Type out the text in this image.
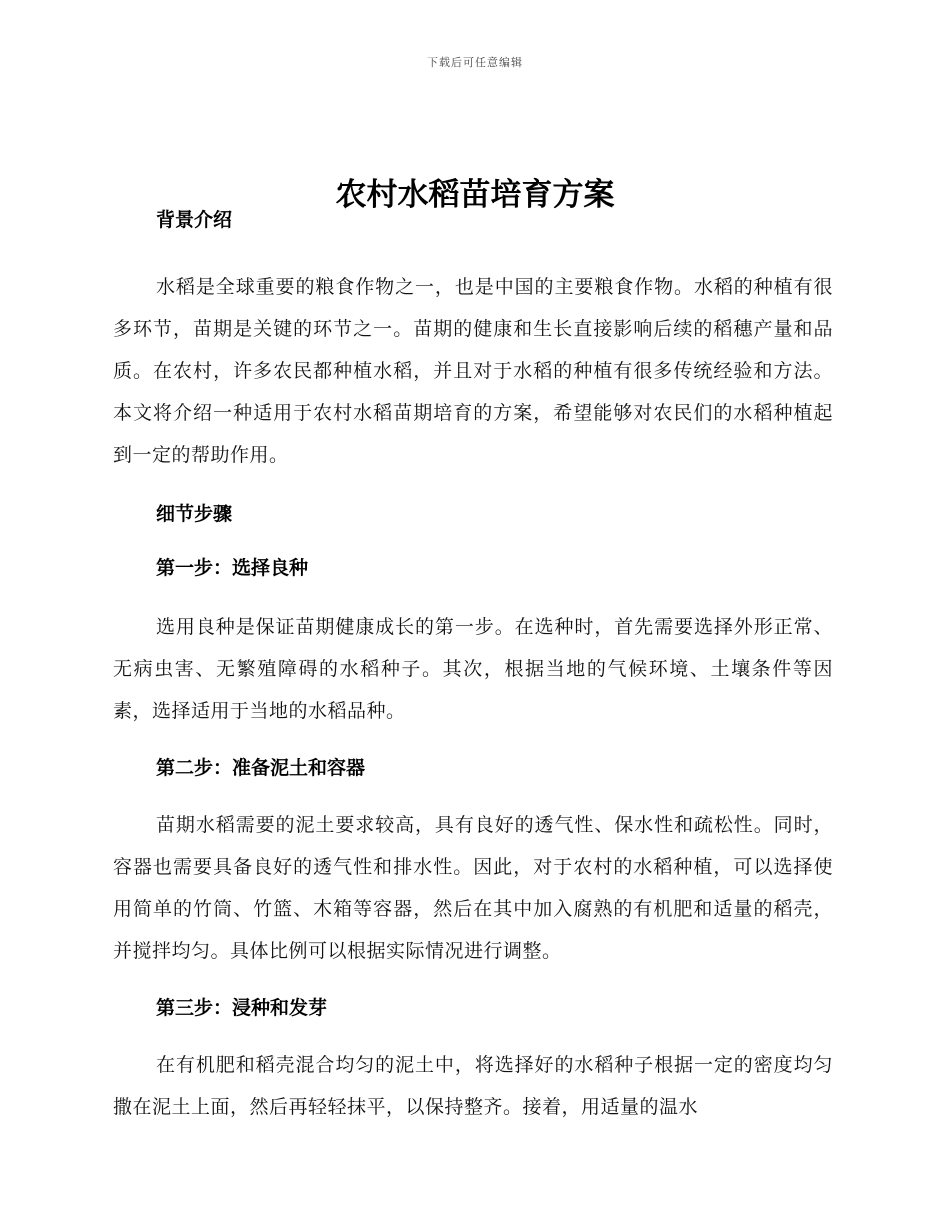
下载后可任意编辑
农村水稻苗培育方案
背景介绍

水稻是全球重要的粮食作物之一，也是中国的主要粮食作物。水稻的种植有很多环节，苗期是关键的环节之一。苗期的健康和生长直接影响后续的稻穗产量和品质。在农村，许多农民都种植水稻，并且对于水稻的种植有很多传统经验和方法。本文将介绍一种适用于农村水稻苗期培育的方案，希望能够对农民们的水稻种植起到一定的帮助作用。

细节步骤
第一步：选择良种

选用良种是保证苗期健康成长的第一步。在选种时，首先需要选择外形正常、无病虫害、无繁殖障碍的水稻种子。其次，根据当地的气候环境、土壤条件等因素，选择适用于当地的水稻品种。

第二步：准备泥土和容器

苗期水稻需要的泥土要求较高，具有良好的透气性、保水性和疏松性。同时，容器也需要具备良好的透气性和排水性。因此，对于农村的水稻种植，可以选择使用简单的竹筒、竹篮、木箱等容器，然后在其中加入腐熟的有机肥和适量的稻壳，并搅拌均匀。具体比例可以根据实际情况进行调整。

第三步：浸种和发芽

在有机肥和稻壳混合均匀的泥土中，将选择好的水稻种子根据一定的密度均匀撒在泥土上面，然后再轻轻抹平，以保持整齐。接着，用适量的温水
